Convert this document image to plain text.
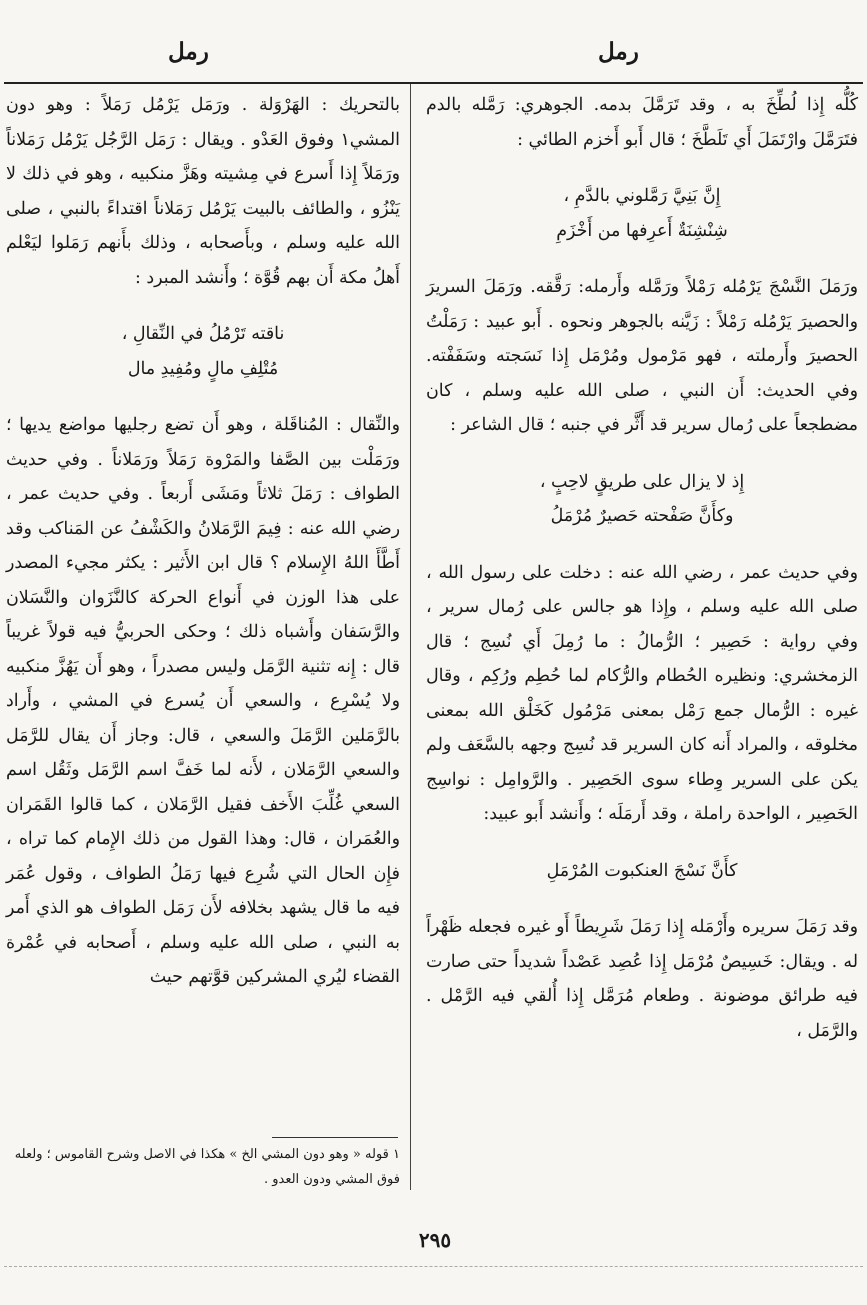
رمل
رمل

كُلُّه إِذا لُطِّخَ به ، وقد تَرَمَّلَ بدمه. الجوهري: رَمَّله بالدم فتَرَمَّلَ وارْتَمَلَ أَي تَلَطَّخَ ؛ قال أَبو أَخزم الطائي :

إِنَّ بَنِيَّ رَمَّلوني بالدَّمِ ،

شِنْشِنَةٌ أَعرِفها من أَخْزَمِ

ورَمَلَ النَّسْجَ يَرْمُله رَمْلاً ورَمَّله وأَرمله: رَقَّقه. ورَمَلَ السريرَ والحصيرَ يَرْمُله رَمْلاً : زَيَّنه بالجوهر ونحوه . أَبو عبيد : رَمَلْتُ الحصيرَ وأَرملته ، فهو مَرْمول ومُرْمَل إِذا نَسَجته وسَفَفْته. وفي الحديث: أَن النبي ، صلى الله عليه وسلم ، كان مضطجعاً على رُمال سرير قد أَثَّر في جنبه ؛ قال الشاعر :

إِذ لا يزال على طريقٍ لاحِبٍ ،

وكأَنَّ صَفْحته حَصيرٌ مُرْمَلُ

وفي حديث عمر ، رضي الله عنه : دخلت على رسول الله ، صلى الله عليه وسلم ، وإِذا هو جالس على رُمال سرير ، وفي رواية : حَصِير ؛ الرُّمالُ : ما رُمِلَ أَي نُسِج ؛ قال الزمخشري: ونظيره الحُطام والرُّكام لما حُطِم ورُكِم ، وقال غيره : الرُّمال جمع رَمْل بمعنى مَرْمُول كَخَلْق الله بمعنى مخلوقه ، والمراد أَنه كان السرير قد نُسِج وجهه بالسَّعَف ولم يكن على السرير وِطاء سوى الحَصِير . والرَّوامِل : نواسِج الحَصِير ، الواحدة راملة ، وقد أَرمَلَه ؛ وأَنشد أَبو عبيد:

كأَنَّ نَسْجَ العنكبوت المُرْمَلِ

وقد رَمَلَ سريره وأَرْمَله إِذا رَمَلَ شَرِيطاً أَو غيره فجعله ظَهْراً له . ويقال: خَسِيصٌ مُرْمَل إِذا عُصِد عَصْداً شديداً حتى صارت فيه طرائق موضونة . وطعام مُرَمَّل إِذا أُلقي فيه الرَّمْل . والرَّمَل ،

بالتحريك : الهَرْوَلة . ورَمَل يَرْمُل رَمَلاً : وهو دون المشي١ وفوق العَدْو . ويقال : رَمَل الرَّجُل يَرْمُل رَمَلاناً ورَمَلاً إِذا أَسرع في مِشيته وهَزَّ منكبيه ، وهو في ذلك لا يَنْزُو ، والطائف بالبيت يَرْمُل رَمَلاناً اقتداءً بالنبي ، صلى الله عليه وسلم ، وبأَصحابه ، وذلك بأَنهم رَمَلوا ليَعْلم أَهلُ مكة أَن بهم قُوَّة ؛ وأَنشد المبرد :

ناقته تَرْمُلُ في النِّقالِ ،

مُتْلِفِ مالٍ ومُفِيدِ مال

والنِّقال : المُناقَلة ، وهو أَن تضع رجليها مواضع يديها ؛ ورَمَلْت بين الصَّفا والمَرْوة رَمَلاً ورَمَلاناً . وفي حديث الطواف : رَمَلَ ثلاثاً ومَشَى أَربعاً . وفي حديث عمر ، رضي الله عنه : فِيمَ الرَّمَلانُ والكَشْفُ عن المَناكب وقد أَطَّأَ اللهُ الإِسلام ؟ قال ابن الأَثير : يكثر مجيء المصدر على هذا الوزن في أَنواع الحركة كالنَّزَوان والنَّسَلان والرَّسَفان وأَشباه ذلك ؛ وحكى الحربيُّ فيه قولاً غريباً قال : إِنه تثنية الرَّمَل وليس مصدراً ، وهو أَن يَهُزَّ منكبيه ولا يُسْرِع ، والسعي أَن يُسرع في المشي ، وأَراد بالرَّمَلين الرَّمَلَ والسعي ، قال: وجاز أَن يقال للرَّمَل والسعي الرَّمَلان ، لأَنه لما خَفَّ اسم الرَّمَل وثَقُل اسم السعي غُلِّبَ الأَخف فقيل الرَّمَلان ، كما قالوا القَمَران والعُمَران ، قال: وهذا القول من ذلك الإِمام كما تراه ، فإِن الحال التي شُرِع فيها رَمَلُ الطواف ، وقول عُمَر فيه ما قال يشهد بخلافه لأَن رَمَل الطواف هو الذي أَمر به النبي ، صلى الله عليه وسلم ، أَصحابه في عُمْرة القضاء ليُري المشركين قوَّتهم حيث

١ قوله « وهو دون المشي الخ » هكذا في الاصل وشرح القاموس ؛ ولعله فوق المشي ودون العدو .
٢٩٥
